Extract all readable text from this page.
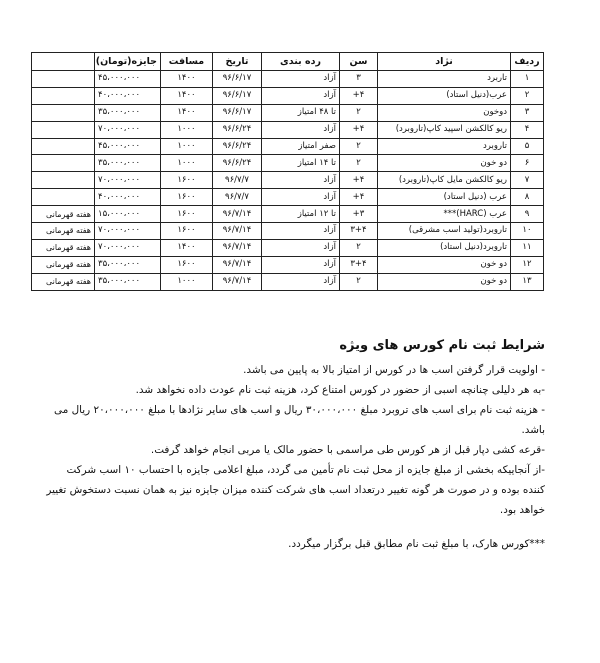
ردیف	نژاد	سن	رده بندی	تاریخ	مسافت	جایزه(تومان)	
۱	تاربرد	۳	آزاد	۹۶/۶/۱۷	۱۴۰۰	۴۵،۰۰۰،۰۰۰	
۲	عرب(دنیل استاد)	۴+	آزاد	۹۶/۶/۱۷	۱۴۰۰	۴۰،۰۰۰،۰۰۰	
۳	دوخون	۲	تا ۴۸ امتیاز	۹۶/۶/۱۷	۱۴۰۰	۳۵،۰۰۰،۰۰۰	
۴	ریو کالکشن اسپید کاپ(تاروبرد)	۴+	آزاد	۹۶/۶/۲۴	۱۰۰۰	۷۰،۰۰۰،۰۰۰	
۵	تاروبرد	۲	صفر امتیاز	۹۶/۶/۲۴	۱۰۰۰	۴۵،۰۰۰،۰۰۰	
۶	دو خون	۲	تا ۱۴ امتیاز	۹۶/۶/۲۴	۱۰۰۰	۳۵،۰۰۰،۰۰۰	
۷	ریو کالکشن مایل کاپ(تاروبرد)	۴+	آزاد	۹۶/۷/۷	۱۶۰۰	۷۰،۰۰۰،۰۰۰	
۸	عرب (دنیل استاد)	۴+	آزاد	۹۶/۷/۷	۱۶۰۰	۴۰،۰۰۰،۰۰۰	
۹	عرب (HARC)***	۳+	تا ۱۲ امتیاز	۹۶/۷/۱۴	۱۶۰۰	۱۵،۰۰۰،۰۰۰	هفته قهرمانی
۱۰	تاروبرد(تولید اسب مشرقی)	۳+۴	آزاد	۹۶/۷/۱۴	۱۶۰۰	۷۰،۰۰۰،۰۰۰	هفته قهرمانی
۱۱	تاروبرد(دنیل استاد)	۲	آزاد	۹۶/۷/۱۴	۱۴۰۰	۷۰،۰۰۰،۰۰۰	هفته قهرمانی
۱۲	دو خون	۳+۴	آزاد	۹۶/۷/۱۴	۱۶۰۰	۳۵،۰۰۰،۰۰۰	هفته قهرمانی
۱۳	دو خون	۲	آزاد	۹۶/۷/۱۴	۱۰۰۰	۳۵،۰۰۰،۰۰۰	هفته قهرمانی
شرایط ثبت نام کورس های ویژه

- اولویت قرار گرفتن اسب ها در کورس از امتیاز بالا به پایین می باشد.

-به هر دلیلی چنانچه اسبی از حضور در کورس امتناع کرد، هزینه ثبت نام عودت داده نخواهد شد.

- هزینه ثبت نام برای اسب های تروبرد مبلغ ۳۰،۰۰۰،۰۰۰ ریال و اسب های سایر نژادها با مبلغ ۲۰،۰۰۰،۰۰۰ ریال می باشد.

-قرعه کشی دپار قبل از هر کورس طی مراسمی با حضور مالک یا مربی انجام خواهد گرفت.

-از آنجاییکه بخشی از مبلغ جایزه از محل ثبت نام تأمین می گردد، مبلغ اعلامی جایزه با احتساب ۱۰ اسب شرکت کننده بوده و در صورت هر گونه تغییر درتعداد اسب های شرکت کننده میزان جایزه نیز به همان نسبت دستخوش تغییر خواهد بود.

***کورس هارک، با مبلغ ثبت نام مطابق قبل برگزار میگردد.
